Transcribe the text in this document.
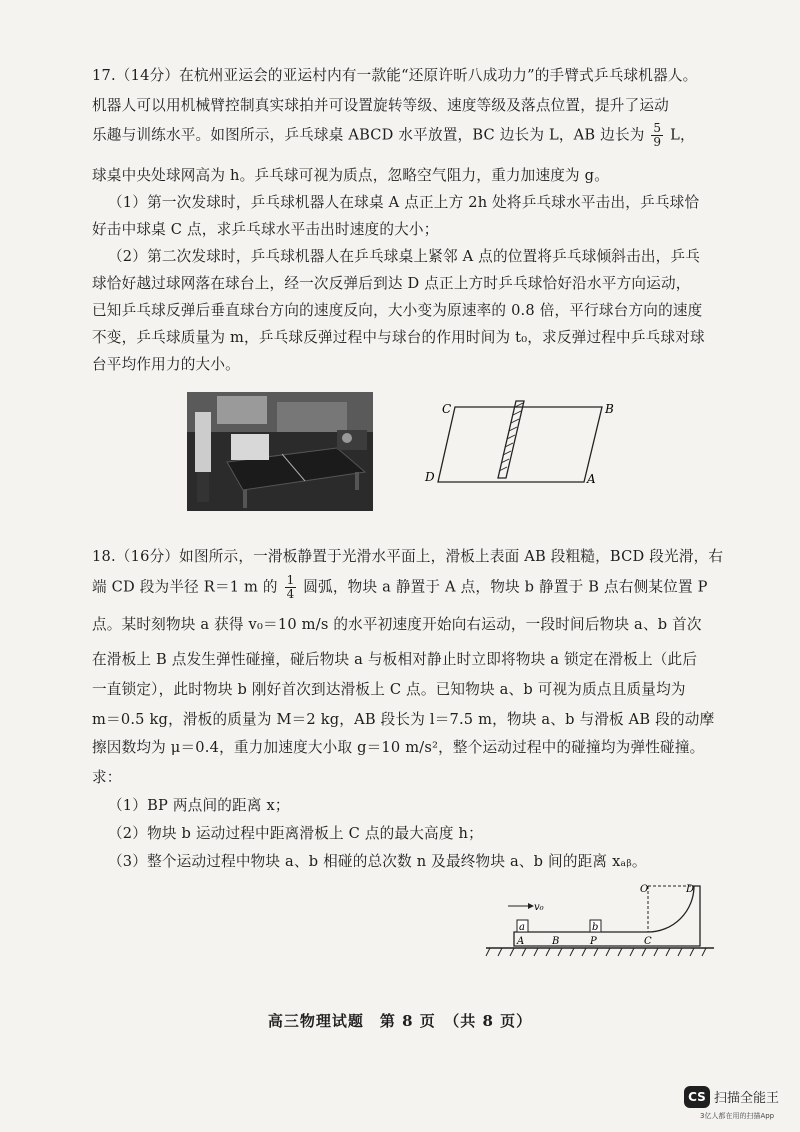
17.（14分）在杭州亚运会的亚运村内有一款能“还原许昕八成功力”的手臂式乒乓球机器人。
机器人可以用机械臂控制真实球拍并可设置旋转等级、速度等级及落点位置，提升了运动
乐趣与训练水平。如图所示，乒乓球桌 ABCD 水平放置，BC 边长为 L，AB 边长为 $\frac{5}{9}$ L，
球桌中央处球网高为 h。乒乓球可视为质点，忽略空气阻力，重力加速度为 g。
（1）第一次发球时，乒乓球机器人在球桌 A 点正上方 2h 处将乒乓球水平击出，乒乓球恰
好击中球桌 C 点，求乒乓球水平击出时速度的大小；
（2）第二次发球时，乒乓球机器人在乒乓球桌上紧邻 A 点的位置将乒乓球倾斜击出，乒乓
球恰好越过球网落在球台上，经一次反弹后到达 D 点正上方时乒乓球恰好沿水平方向运动，
已知乒乓球反弹后垂直球台方向的速度反向，大小变为原速率的 0.8 倍，平行球台方向的速度
不变，乒乓球质量为 m，乒乓球反弹过程中与球台的作用时间为 t₀，求反弹过程中乒乓球对球
台平均作用力的大小。
C	B
D	A
18.（16分）如图所示，一滑板静置于光滑水平面上，滑板上表面 AB 段粗糙，BCD 段光滑，右
端 CD 段为半径 R＝1 m 的 $\frac{1}{4}$ 圆弧，物块 a 静置于 A 点，物块 b 静置于 B 点右侧某位置 P
点。某时刻物块 a 获得 v₀＝10 m/s 的水平初速度开始向右运动，一段时间后物块 a、b 首次
在滑板上 B 点发生弹性碰撞，碰后物块 a 与板相对静止时立即将物块 a 锁定在滑板上（此后
一直锁定），此时物块 b 刚好首次到达滑板上 C 点。已知物块 a、b 可视为质点且质量均为
m＝0.5 kg，滑板的质量为 M＝2 kg，AB 段长为 l＝7.5 m，物块 a、b 与滑板 AB 段的动摩
擦因数均为 μ＝0.4，重力加速度大小取 g＝10 m/s²，整个运动过程中的碰撞均为弹性碰撞。
求：
（1）BP 两点间的距离 x；
（2）物块 b 运动过程中距离滑板上 C 点的最大高度 h；
（3）整个运动过程中物块 a、b 相碰的总次数 n 及最终物块 a、b 间的距离 xₐᵦ。
v₀
a	b
A	B	P	C
O	D
高三物理试题　第 8 页　（共 8 页）
CS 扫描全能王
3亿人都在用的扫描App
